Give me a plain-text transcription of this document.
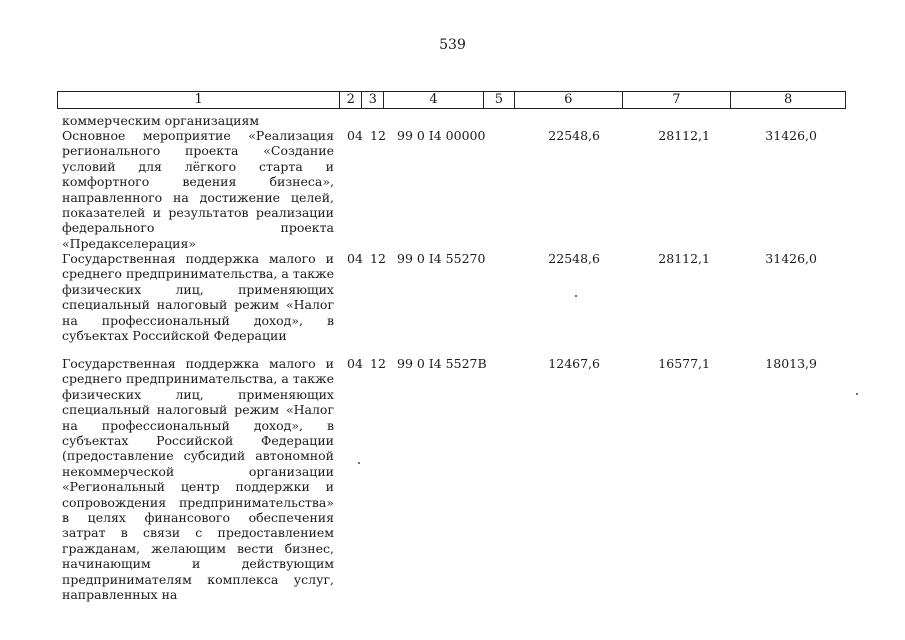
539
1	2	3	4	5	6	7	8
коммерческим организациям
Основное мероприятие «Реализация регионального проекта «Создание условий для лёгкого старта и комфортного ведения бизнеса», направленного на достижение целей, показателей и результатов реализации федерального проекта «Предакселерация»
04 12 99 0 I4 00000	22548,6	28112,1	31426,0
Государственная поддержка малого и среднего предпринимательства, а также физических лиц, применяющих специальный налоговый режим «Налог на профессиональный доход», в субъектах Российской Федерации
04 12 99 0 I4 55270	22548,6	28112,1	31426,0
Государственная поддержка малого и среднего предпринимательства, а также физических лиц, применяющих специальный налоговый режим «Налог на профессиональный доход», в субъектах Российской Федерации (предоставление субсидий автономной некоммерческой организации «Региональный центр поддержки и сопровождения предпринимательства» в целях финансового обеспечения затрат в связи с предоставлением гражданам, желающим вести бизнес, начинающим и действующим предпринимателям комплекса услуг, направленных на
04 12 99 0 I4 5527B	12467,6	16577,1	18013,9
